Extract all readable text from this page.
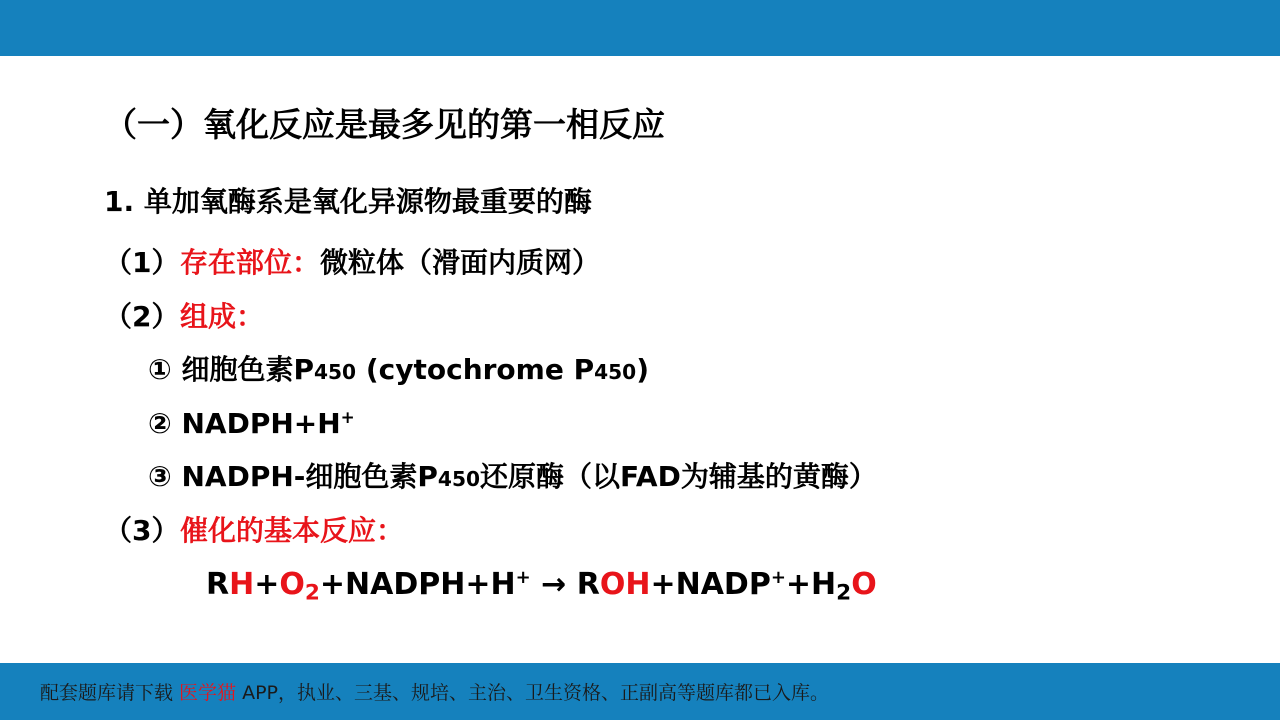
（一）氧化反应是最多见的第一相反应
1. 单加氧酶系是氧化异源物最重要的酶
（1）存在部位：微粒体（滑面内质网）
（2）组成：
① 细胞色素P450 (cytochrome P450)
② NADPH+H+
③ NADPH-细胞色素P450还原酶（以FAD为辅基的黄酶）
（3）催化的基本反应：
$RH+O_2+NADPH+H^+$ → $ROH+NADP^++H_2O$
配套题库请下载 医学猫 APP，执业、三基、规培、主治、卫生资格、正副高等题库都已入库。
